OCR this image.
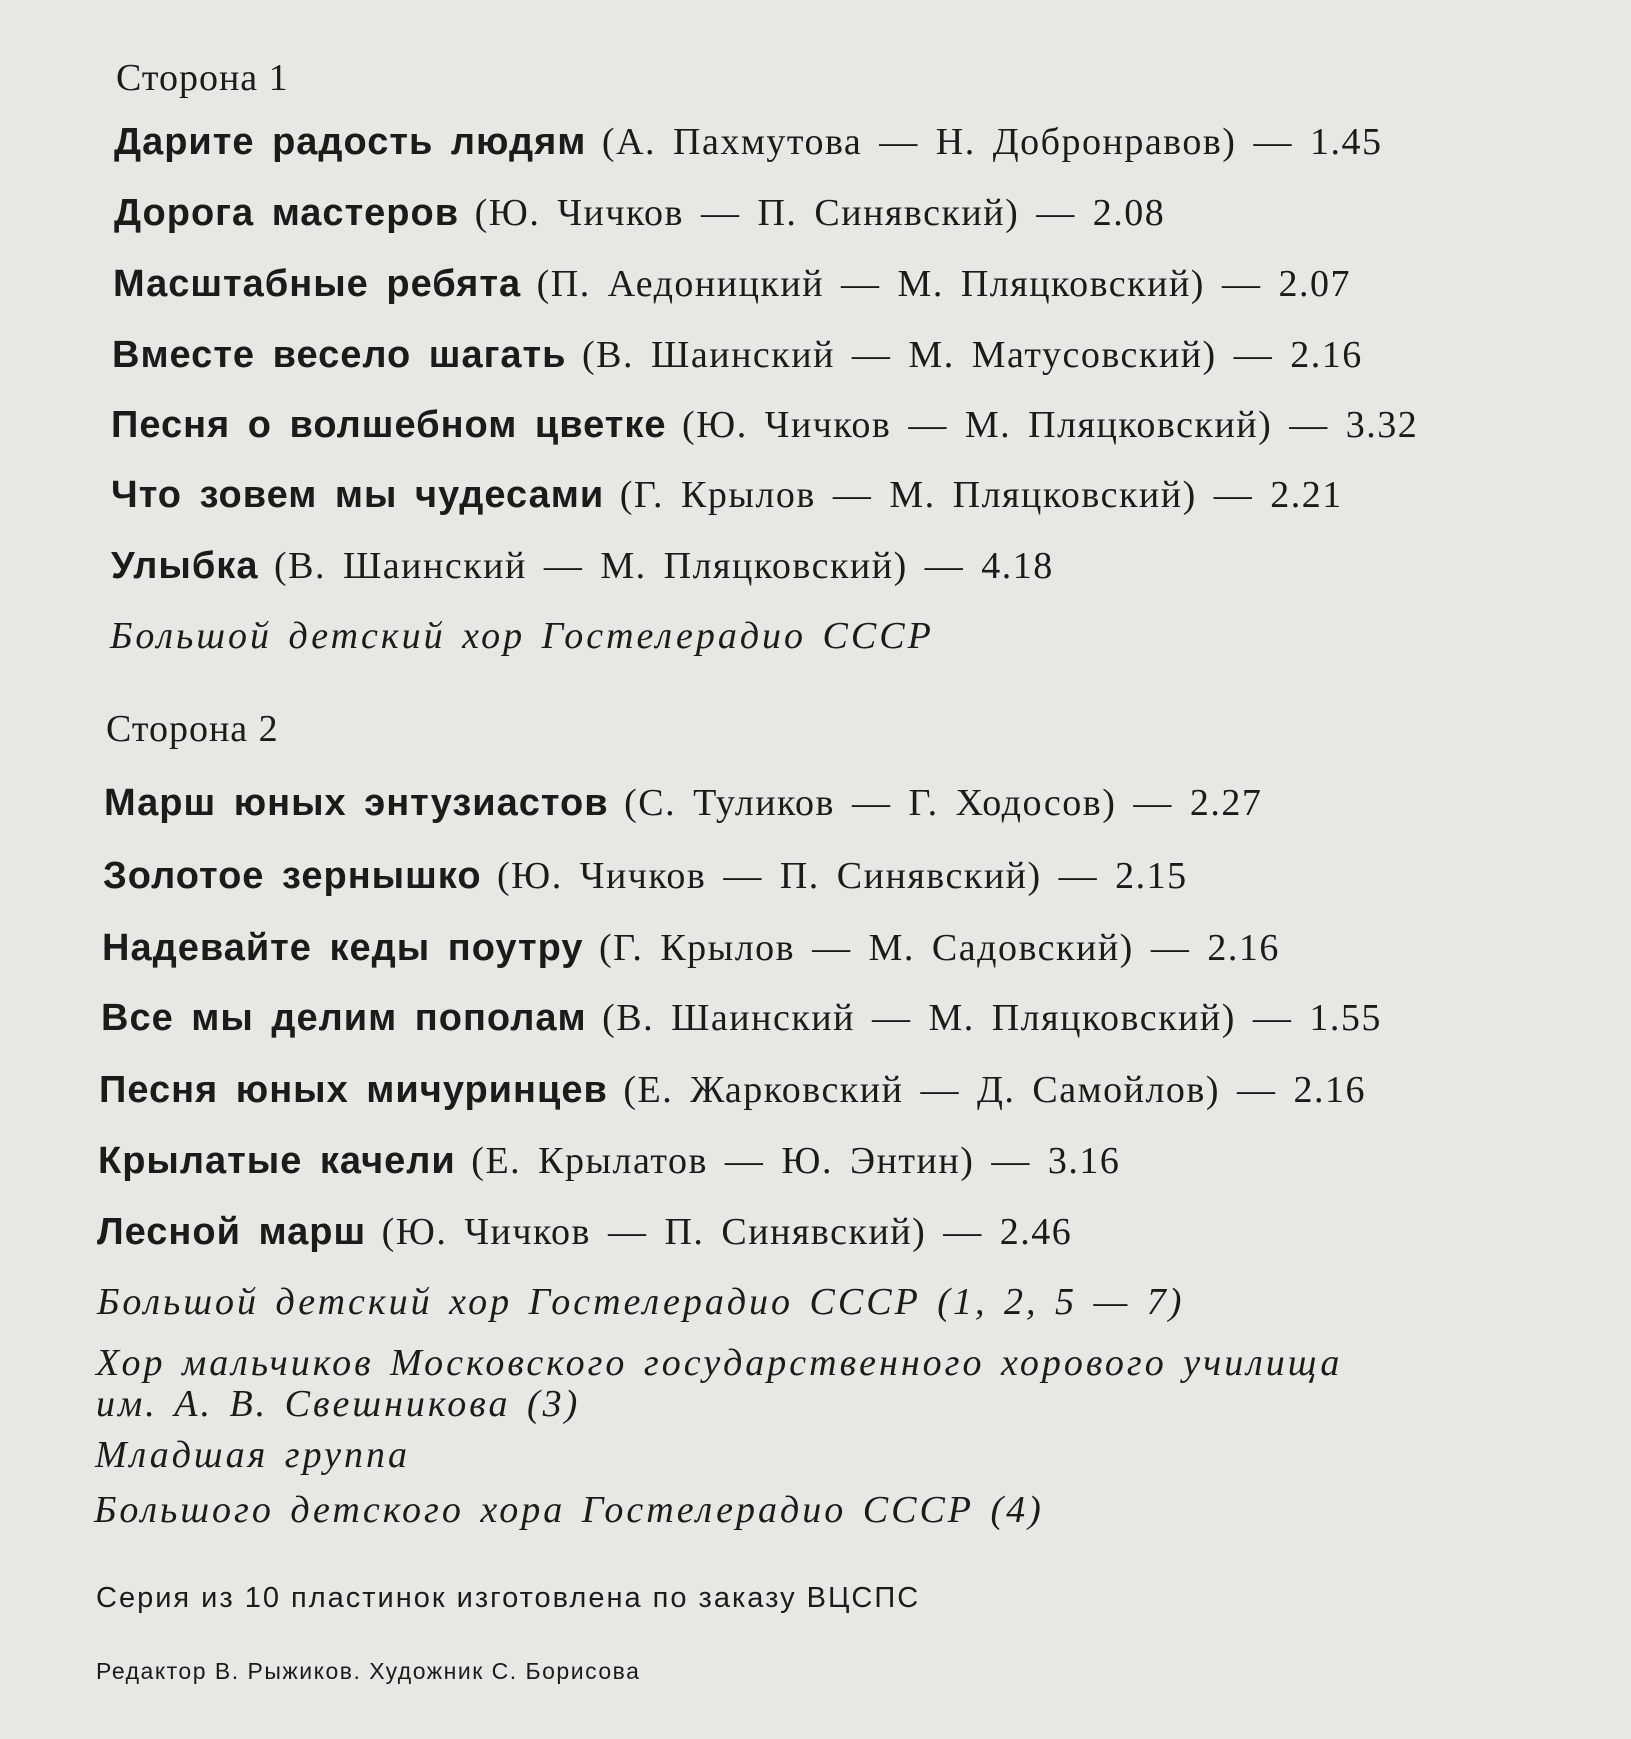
Сторона 1
Дарите радость людям (А. Пахмутова — Н. Добронравов) — 1.45
Дорога мастеров (Ю. Чичков — П. Синявский) — 2.08
Масштабные ребята (П. Аедоницкий — М. Пляцковский) — 2.07
Вместе весело шагать (В. Шаинский — М. Матусовский) — 2.16
Песня о волшебном цветке (Ю. Чичков — М. Пляцковский) — 3.32
Что зовем мы чудесами (Г. Крылов — М. Пляцковский) — 2.21
Улыбка (В. Шаинский — М. Пляцковский) — 4.18
Большой детский хор Гостелерадио СССР
Сторона 2
Марш юных энтузиастов (С. Туликов — Г. Ходосов) — 2.27
Золотое зернышко (Ю. Чичков — П. Синявский) — 2.15
Надевайте кеды поутру (Г. Крылов — М. Садовский) — 2.16
Все мы делим пополам (В. Шаинский — М. Пляцковский) — 1.55
Песня юных мичуринцев (Е. Жарковский — Д. Самойлов) — 2.16
Крылатые качели (Е. Крылатов — Ю. Энтин) — 3.16
Лесной марш (Ю. Чичков — П. Синявский) — 2.46
Большой детский хор Гостелерадио СССР (1, 2, 5 — 7)
Хор мальчиков Московского государственного хорового училища
им. А. В. Свешникова (3)
Младшая группа
Большого детского хора Гостелерадио СССР (4)
Серия из 10 пластинок изготовлена по заказу ВЦСПС
Редактор В. Рыжиков. Художник С. Борисова
